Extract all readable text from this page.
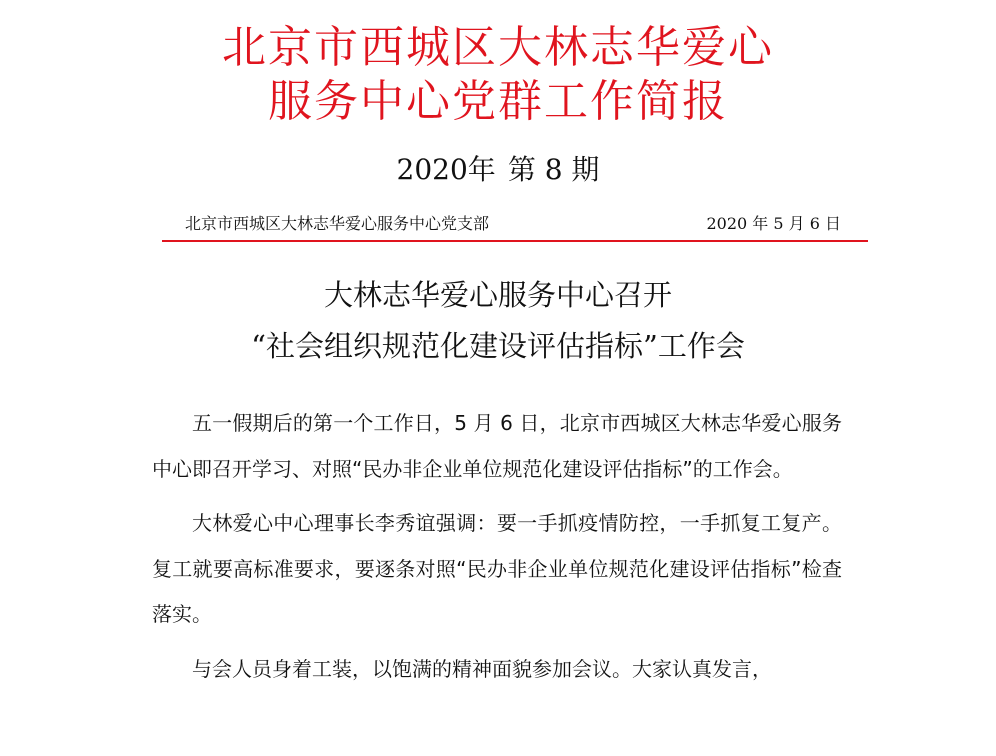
北京市西城区大林志华爱心
服务中心党群工作简报
2020年 第 8 期
北京市西城区大林志华爱心服务中心党支部	2020 年 5 月 6 日
大林志华爱心服务中心召开
“社会组织规范化建设评估指标”工作会

五一假期后的第一个工作日，5 月 6 日，北京市西城区大林志华爱心服务中心即召开学习、对照“民办非企业单位规范化建设评估指标”的工作会。

大林爱心中心理事长李秀谊强调：要一手抓疫情防控，一手抓复工复产。复工就要高标准要求，要逐条对照“民办非企业单位规范化建设评估指标”检查落实。

与会人员身着工装，以饱满的精神面貌参加会议。大家认真发言，
